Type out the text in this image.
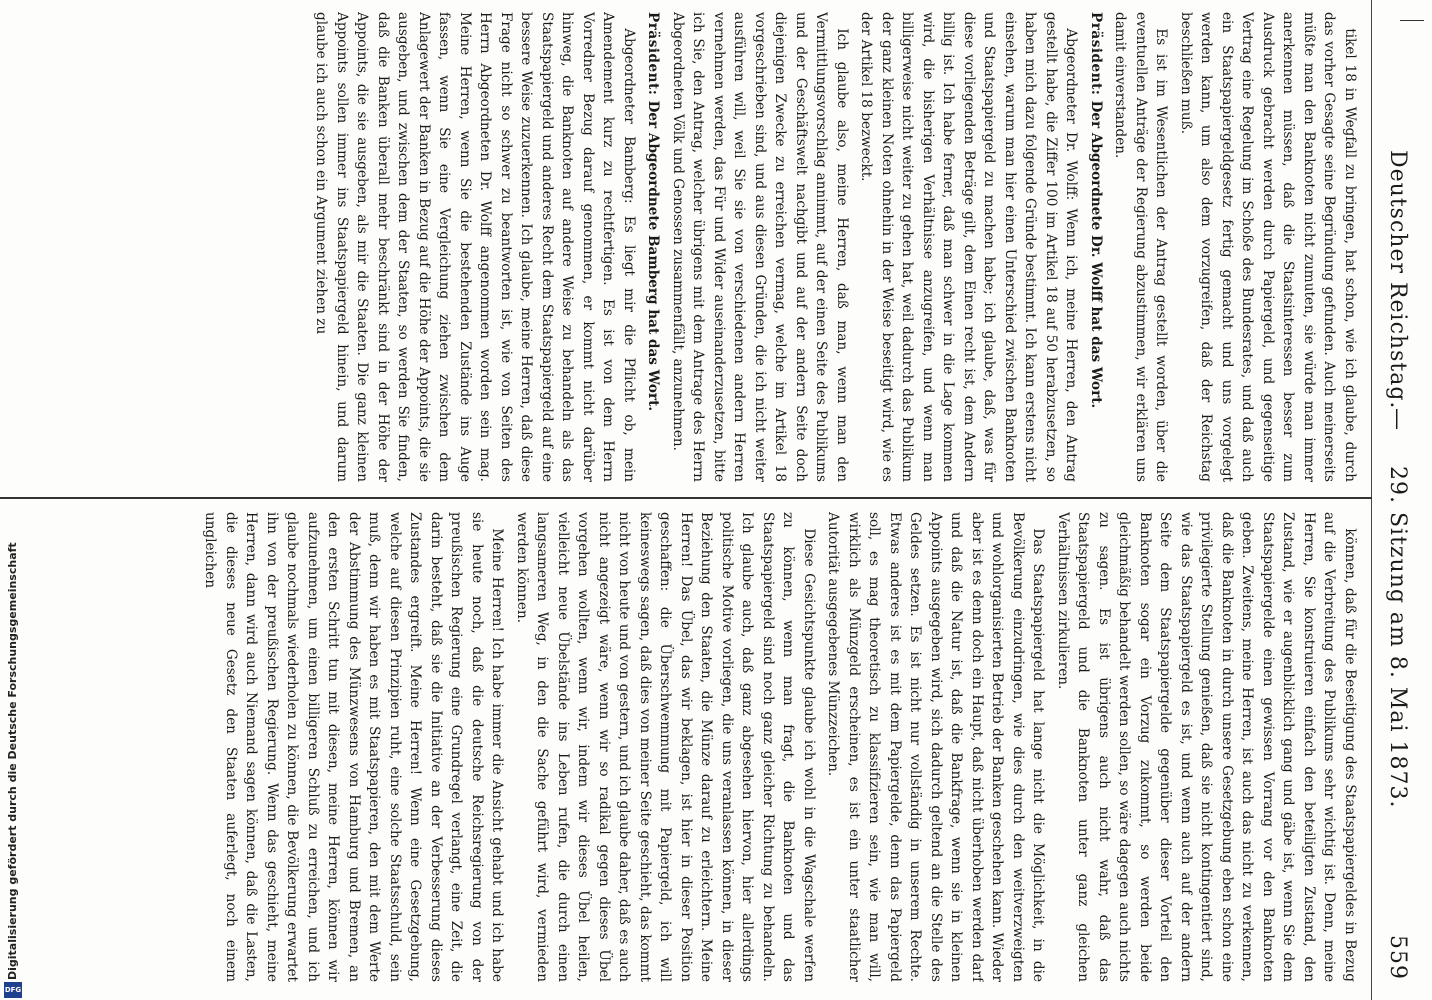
Deutscher Reichstag.
—
29. Sitzung am 8. Mai 1873.
559

tikel 18 in Wegfall zu bringen, hat schon, wie ich glaube, durch das vorher Gesagte seine Begründung gefunden. Auch meinerseits müßte man den Banknoten nicht zumuten, sie würde man immer anerkennen müssen, daß die Staatsinteressen besser zum Ausdruck gebracht werden durch Papiergeld, und gegenseitige Vertrag eine Regelung im Schoße des Bundesrates, und daß auch ein Staatspapiergeldgesetz fertig gemacht und uns vorgelegt werden kann, um also dem vorzugreifen, daß der Reichstag beschließen muß.

Es ist im Wesentlichen der Antrag gestellt worden, über die eventuellen Anträge der Regierung abzustimmen, wir erklären uns damit einverstanden.

Präsident: Der Abgeordnete Dr. Wolff hat das Wort.

Abgeordneter Dr. Wolff: Wenn ich, meine Herren, den Antrag gestellt habe, die Ziffer 100 im Artikel 18 auf 50 herabzusetzen, so haben mich dazu folgende Gründe bestimmt. Ich kann erstens nicht einsehen, warum man hier einen Unterschied zwischen Banknoten und Staatspapiergeld zu machen habe; ich glaube, daß, was für diese vorliegenden Beträge gilt, dem Einen recht ist, dem Andern billig ist. Ich habe ferner, daß man schwer in die Lage kommen wird, die bisherigen Verhältnisse anzugreifen, und wenn man billigerweise nicht weiter zu gehen hat, weil dadurch das Publikum der ganz kleinen Noten ohnehin in der Weise beseitigt wird, wie es der Artikel 18 bezweckt.

Ich glaube also, meine Herren, daß man, wenn man den Vermittlungsvorschlag annimmt, auf der einen Seite des Publikums und der Geschäftswelt nachgibt und auf der andern Seite doch diejenigen Zwecke zu erreichen vermag, welche im Artikel 18 vorgeschrieben sind, und aus diesen Gründen, die ich nicht weiter ausführen will, weil Sie sie von verschiedenen andern Herren vernehmen werden, das Für und Wider auseinanderzusetzen, bitte ich Sie, den Antrag, welcher übrigens mit dem Antrage des Herrn Abgeordneten Völk und Genossen zusammenfällt, anzunehmen.

Präsident: Der Abgeordnete Bamberg hat das Wort.

Abgeordneter Bamberg: Es liegt mir die Pflicht ob, mein Amendement kurz zu rechtfertigen. Es ist von dem Herrn Vorredner Bezug darauf genommen, er kommt nicht darüber hinweg, die Banknoten auf andere Weise zu behandeln als das Staatspapiergeld und anderes Recht dem Staatspapiergeld auf eine bessere Weise zuzuerkennen. Ich glaube, meine Herren, daß diese Frage nicht so schwer zu beantworten ist, wie von Seiten des Herrn Abgeordneten Dr. Wolff angenommen worden sein mag. Meine Herren, wenn Sie die bestehenden Zustände ins Auge fassen, wenn Sie eine Vergleichung ziehen zwischen dem Anlagewert der Banken in Bezug auf die Höhe der Appoints, die sie ausgeben, und zwischen dem der Staaten, so werden Sie finden, daß die Banken überall mehr beschränkt sind in der Höhe der Appoints, die sie ausgeben, als mir die Staaten. Die ganz kleinen Appoints sollen immer ins Staatspapiergeld hinein, und darum glaube ich auch schon ein Argument ziehen zu

können, daß für die Beseitigung des Staatspapiergeldes in Bezug auf die Verbreitung des Publikums sehr wichtig ist. Denn, meine Herren, Sie konstruieren einfach den beteiligten Zustand, den Zustand, wie er augenblicklich gang und gäbe ist, wenn Sie dem Staatspapiergelde einen gewissen Vorrang vor den Banknoten geben. Zweitens, meine Herren, ist auch das nicht zu verkennen, daß die Banknoten in durch unsere Gesetzgebung eben schon eine privilegierte Stellung genießen, daß sie nicht kontingentiert sind, wie das Staatspapiergeld es ist, und wenn auch auf der andern Seite dem Staatspapiergelde gegenüber dieser Vorteil den Banknoten sogar ein Vorzug zukommt, so werden beide gleichmäßig behandelt werden sollen, so wäre dagegen auch nichts zu sagen. Es ist übrigens auch nicht wahr, daß das Staatspapiergeld und die Banknoten unter ganz gleichen Verhältnissen zirkulieren.

Das Staatspapiergeld hat lange nicht die Möglichkeit, in die Bevölkerung einzudringen, wie dies durch den weitverzweigten und wohlorganisierten Betrieb der Banken geschehen kann. Wieder aber ist es denn doch ein Haupt, daß nicht überhoben werden darf und daß die Natur ist, daß die Bankfrage, wenn sie in kleinen Appoints ausgegeben wird, sich dadurch geltend an die Stelle des Geldes setzen. Es ist nicht nur vollständig in unserem Rechte. Etwas anderes ist es mit dem Papiergelde, denn das Papiergeld soll, es mag theoretisch zu klassifizieren sein, wie man will, wirklich als Münzgeld erscheinen, es ist ein unter staatlicher Autorität ausgegebenes Münzzeichen.

Diese Gesichtspunkte glaube ich wohl in die Wagschale werfen zu können, wenn man fragt, die Banknoten und das Staatspapiergeld sind noch ganz gleicher Richtung zu behandeln. Ich glaube auch, daß ganz abgesehen hiervon, hier allerdings politische Motive vorliegen, die uns veranlassen können, in dieser Beziehung den Staaten, die Münze darauf zu erleichtern. Meine Herren! Das Übel, das wir beklagen, ist hier in dieser Position geschaffen: die Überschwemmung mit Papiergeld, ich will keineswegs sagen, daß dies von meiner Seite geschieht, das kommt nicht von heute und von gestern, und ich glaube daher, daß es auch nicht angezeigt wäre, wenn wir so radikal gegen dieses Übel vorgehen wollten, wenn wir, indem wir dieses Übel heilen, vielleicht neue Übelstände ins Leben rufen, die durch einen langsameren Weg, in den die Sache geführt wird, vermieden werden können.

Meine Herren! Ich habe immer die Ansicht gehabt und ich habe sie heute noch, daß die deutsche Reichsregierung von der preußischen Regierung eine Grundregel verlangt, eine Zeit, die darin besteht, daß sie die Initiative an der Verbesserung dieses Zustandes ergreift. Meine Herren! Wenn eine Gesetzgebung, welche auf diesen Prinzipien ruht, eine solche Staatsschuld, sein muß, denn wir haben es mit Staatspapieren, den mit dem Werte der Abstimmung des Münzwesens von Hamburg und Bremen, an den ersten Schritt tun mit diesen, meine Herren, können wir aufzunehmen, um einen billigeren Schluß zu erreichen, und ich glaube nochmals wiederholen zu können, die Bevölkerung erwartet ihn von der preußischen Regierung. Wenn das geschieht, meine Herren, dann wird auch Niemand sagen können, daß die Lasten, die dieses neue Gesetz den Staaten auferlegt, noch einem ungleichen

Digitalisierung gefördert durch die Deutsche Forschungsgemeinschaft
DFG
